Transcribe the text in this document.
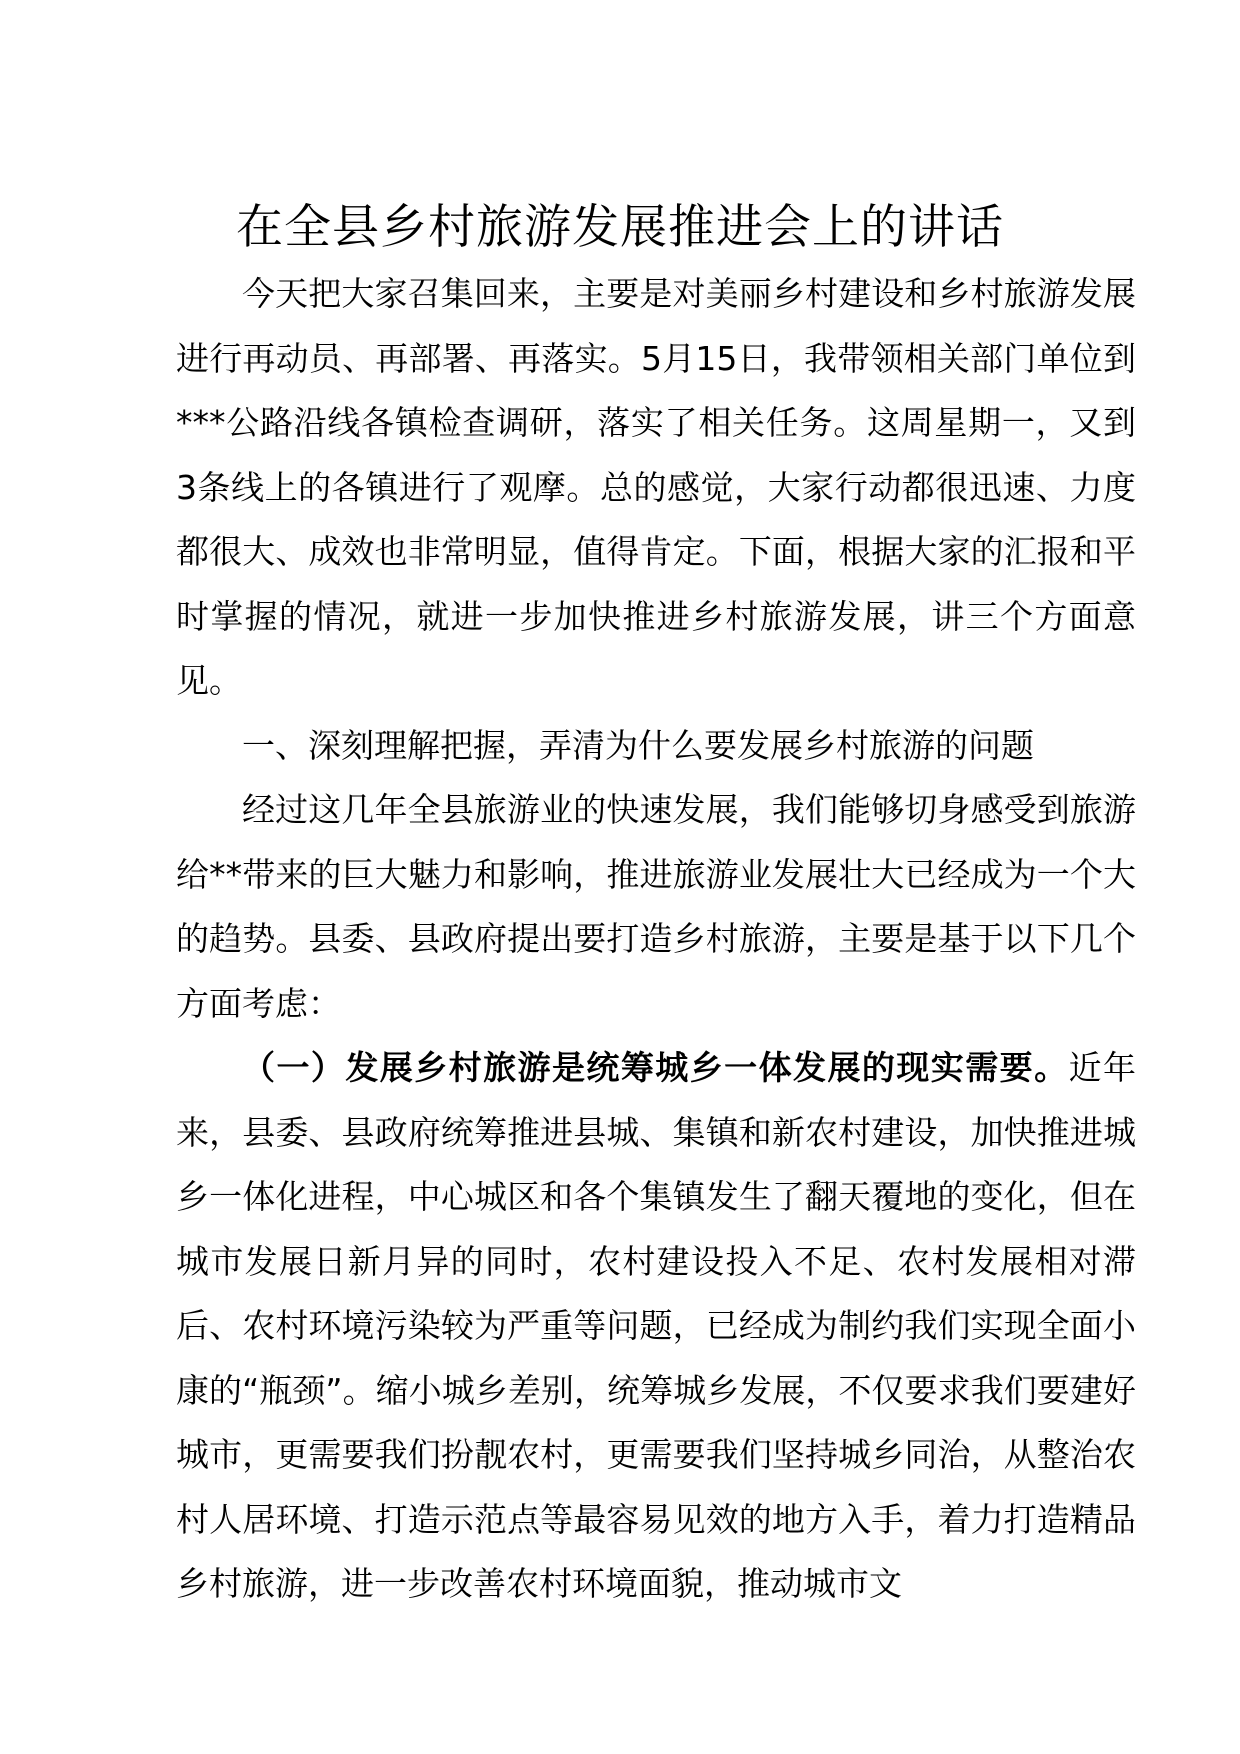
在全县乡村旅游发展推进会上的讲话

今天把大家召集回来，主要是对美丽乡村建设和乡村旅游发展进行再动员、再部署、再落实。5月15日，我带领相关部门单位到***公路沿线各镇检查调研，落实了相关任务。这周星期一，又到3条线上的各镇进行了观摩。总的感觉，大家行动都很迅速、力度都很大、成效也非常明显，值得肯定。下面，根据大家的汇报和平时掌握的情况，就进一步加快推进乡村旅游发展，讲三个方面意见。

一、深刻理解把握，弄清为什么要发展乡村旅游的问题

经过这几年全县旅游业的快速发展，我们能够切身感受到旅游给**带来的巨大魅力和影响，推进旅游业发展壮大已经成为一个大的趋势。县委、县政府提出要打造乡村旅游，主要是基于以下几个方面考虑：

（一）发展乡村旅游是统筹城乡一体发展的现实需要。近年来，县委、县政府统筹推进县城、集镇和新农村建设，加快推进城乡一体化进程，中心城区和各个集镇发生了翻天覆地的变化，但在城市发展日新月异的同时，农村建设投入不足、农村发展相对滞后、农村环境污染较为严重等问题，已经成为制约我们实现全面小康的“瓶颈”。缩小城乡差别，统筹城乡发展，不仅要求我们要建好城市，更需要我们扮靓农村，更需要我们坚持城乡同治，从整治农村人居环境、打造示范点等最容易见效的地方入手，着力打造精品乡村旅游，进一步改善农村环境面貌，推动城市文
